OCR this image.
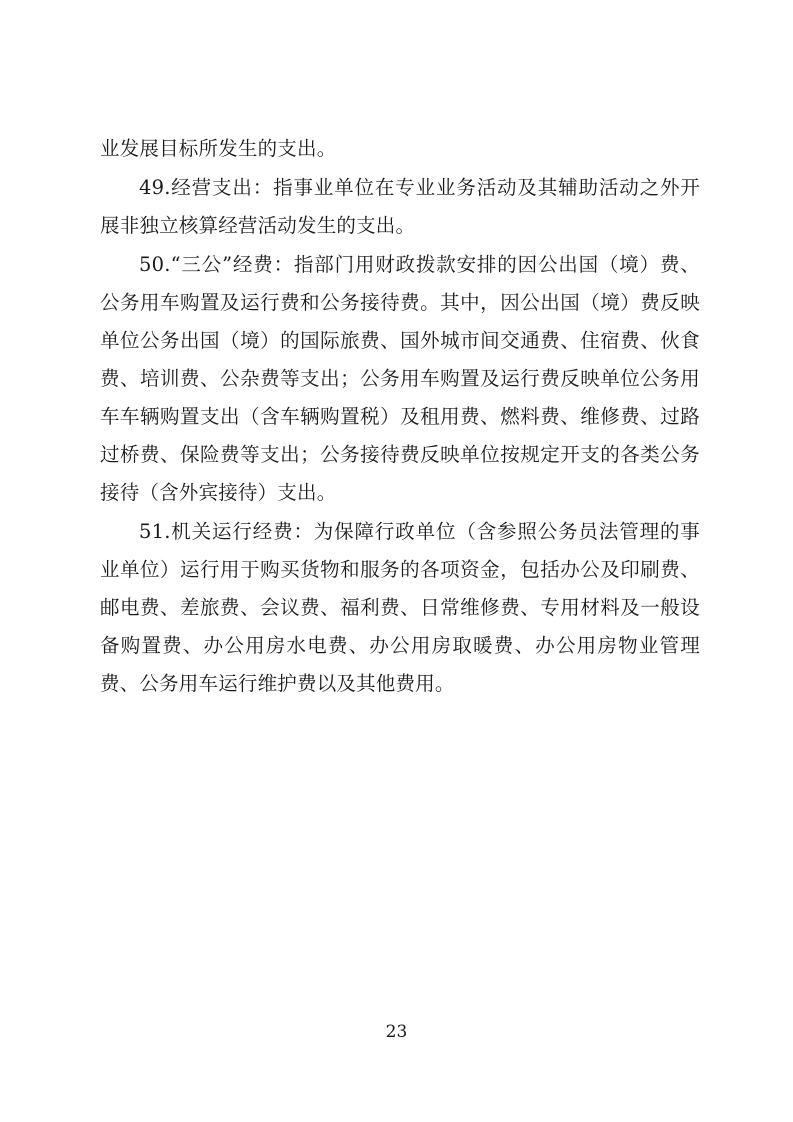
业发展目标所发生的支出。

49.经营支出：指事业单位在专业业务活动及其辅助活动之外开展非独立核算经营活动发生的支出。

50.“三公”经费：指部门用财政拨款安排的因公出国（境）费、公务用车购置及运行费和公务接待费。其中，因公出国（境）费反映单位公务出国（境）的国际旅费、国外城市间交通费、住宿费、伙食费、培训费、公杂费等支出；公务用车购置及运行费反映单位公务用车车辆购置支出（含车辆购置税）及租用费、燃料费、维修费、过路过桥费、保险费等支出；公务接待费反映单位按规定开支的各类公务接待（含外宾接待）支出。

51.机关运行经费：为保障行政单位（含参照公务员法管理的事业单位）运行用于购买货物和服务的各项资金，包括办公及印刷费、邮电费、差旅费、会议费、福利费、日常维修费、专用材料及一般设备购置费、办公用房水电费、办公用房取暖费、办公用房物业管理费、公务用车运行维护费以及其他费用。

23
